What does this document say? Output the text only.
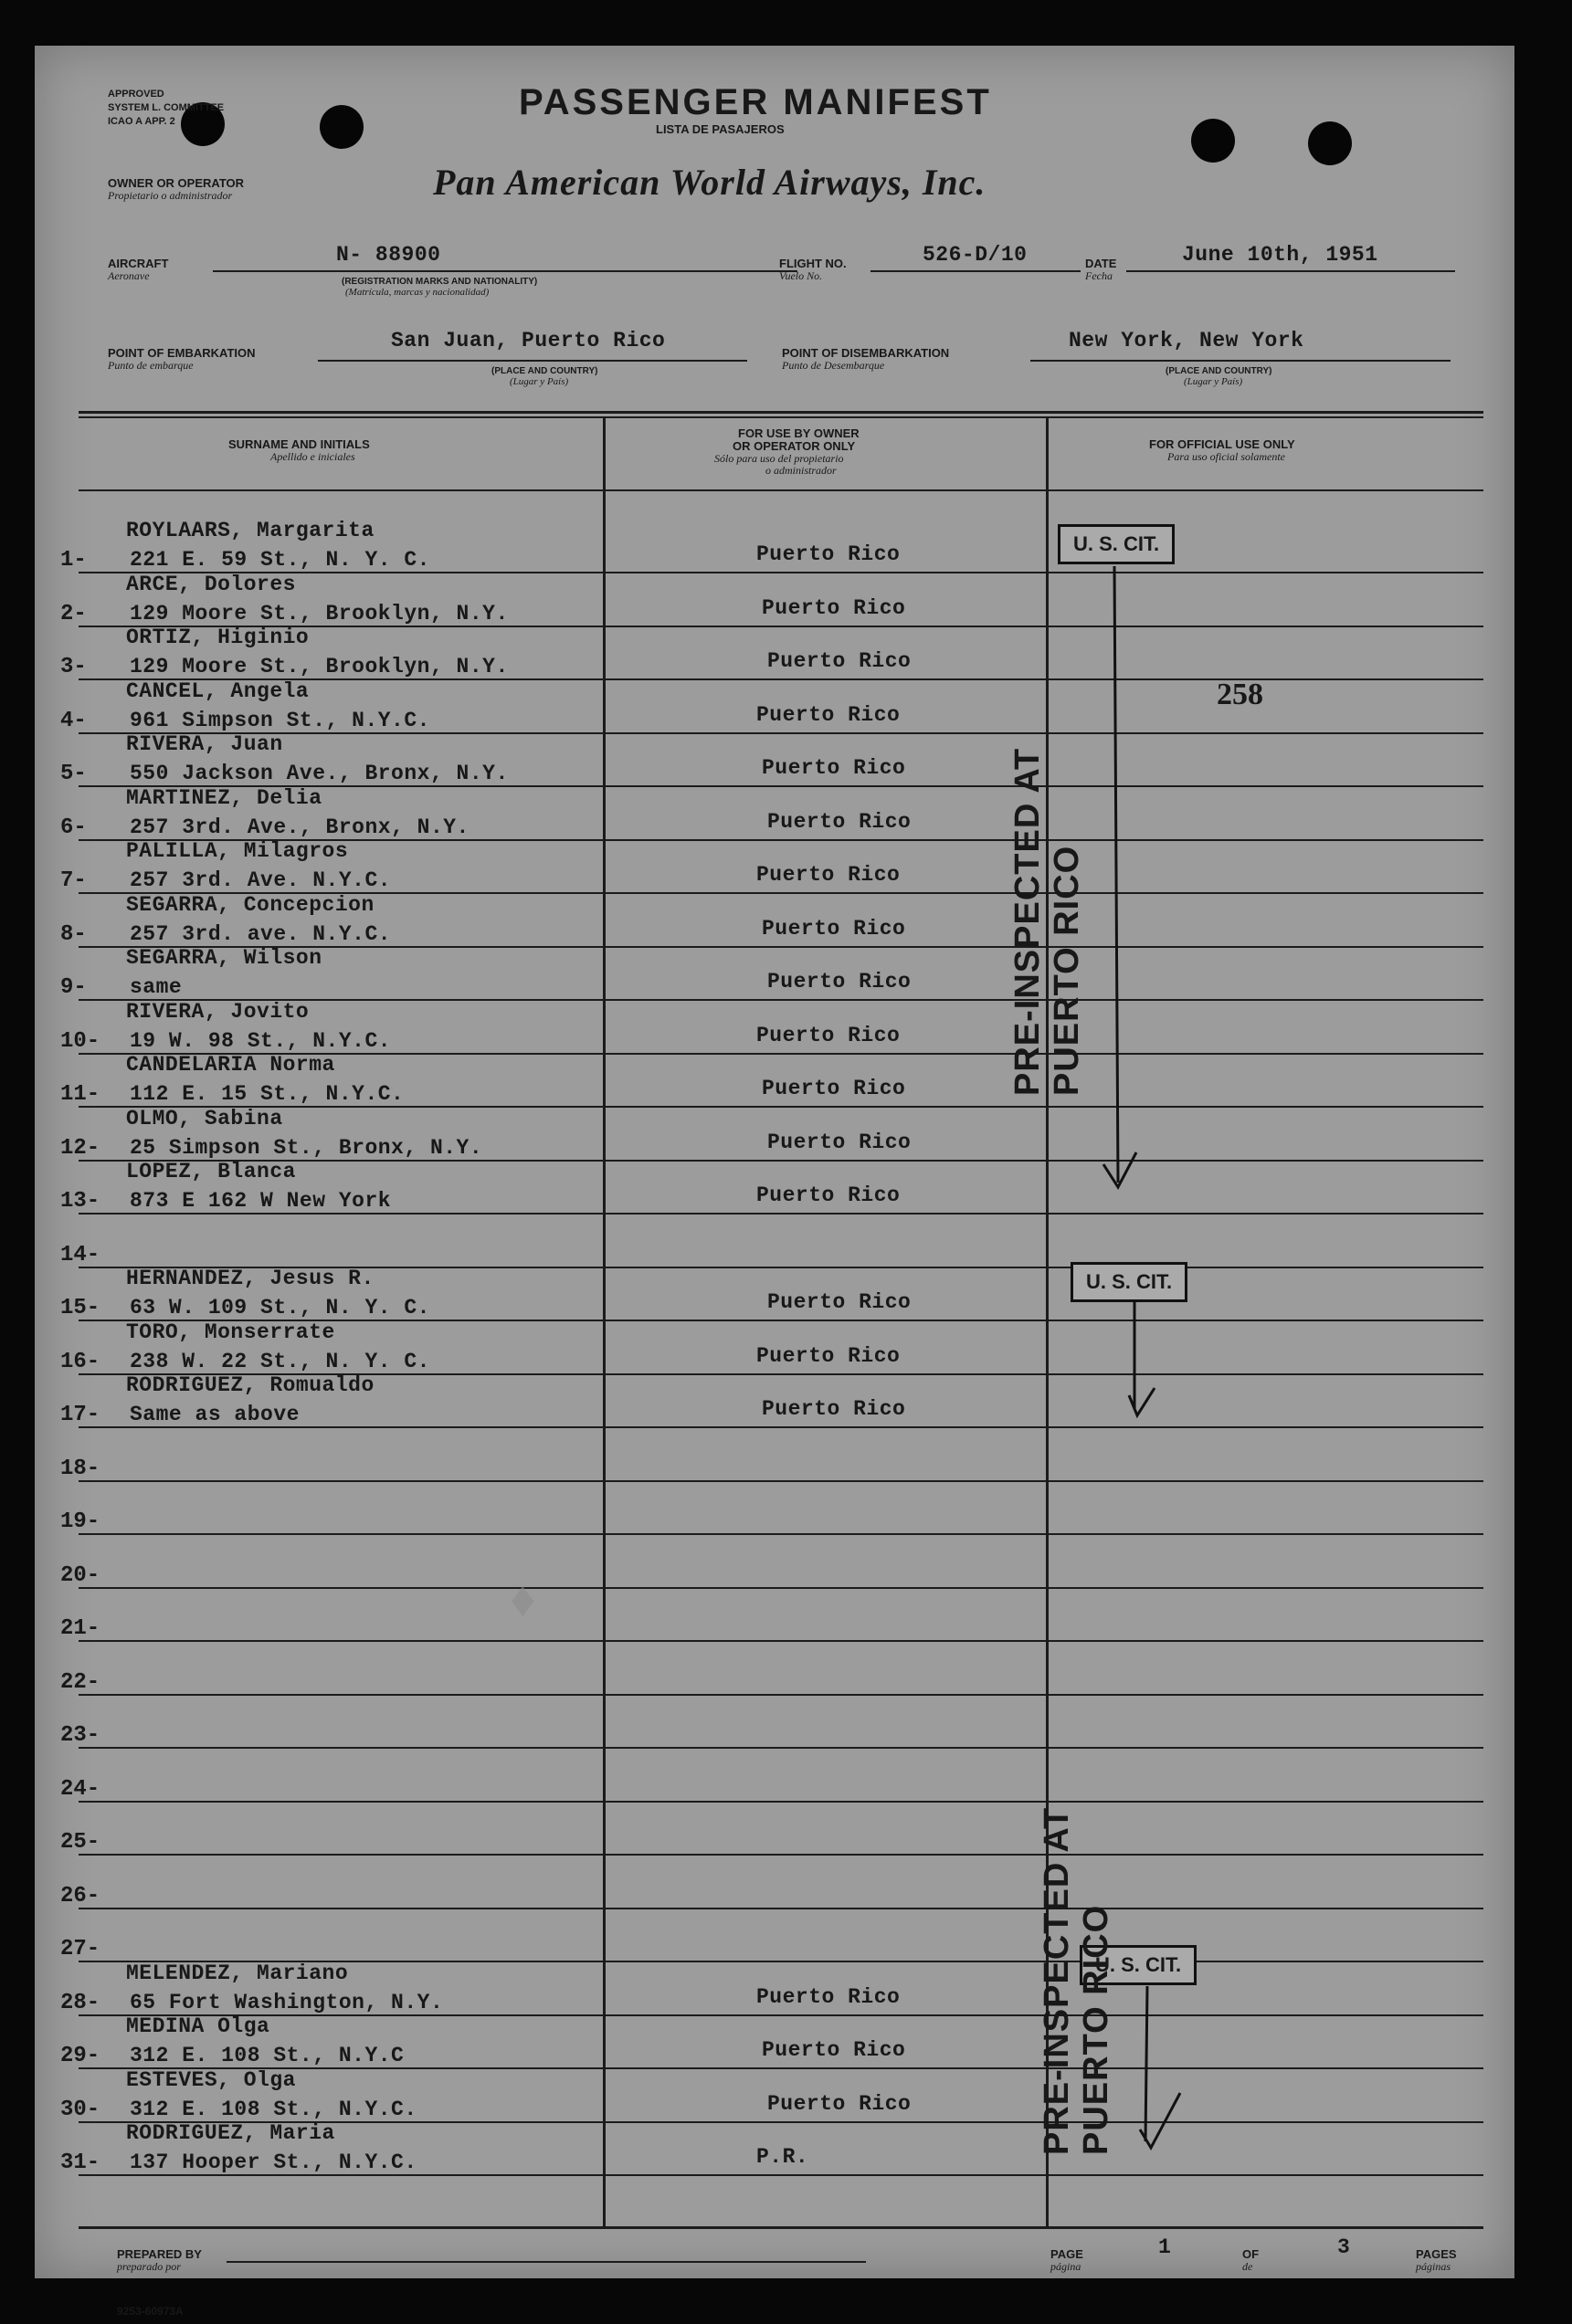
APPROVED
SYSTEM L. COMMITTEE
ICAO A APP. 2	PASSENGER MANIFEST
LISTA DE PASAJEROS
OWNER OR OPERATOR
Propietario o administrador	Pan American World Airways, Inc.
AIRCRAFT
Aeronave
N- 88900
(REGISTRATION MARKS AND NATIONALITY)
(Matrícula, marcas y nacionalidad)
FLIGHT NO.
Vuelo No.
526-D/10	DATE
Fecha
June 10th, 1951
POINT OF EMBARKATION
Punto de embarque
San Juan, Puerto Rico
(PLACE AND COUNTRY)
(Lugar y País)
POINT OF DISEMBARKATION
Punto de Desembarque
New York, New York
(PLACE AND COUNTRY)
(Lugar y País)
SURNAME AND INITIALS
Apellido e iniciales
FOR USE BY OWNER
OR OPERATOR ONLY
Sólo para uso del propietario
o administrador
FOR OFFICIAL USE ONLY
Para uso oficial solamente
1-
ROYLAARS, Margarita
221 E. 59 St., N. Y. C.	Puerto Rico
2-
ARCE, Dolores
129 Moore St., Brooklyn, N.Y.	Puerto Rico
3-
ORTIZ, Higinio
129 Moore St., Brooklyn, N.Y.	Puerto Rico
4-
CANCEL, Angela
961 Simpson St., N.Y.C.	Puerto Rico
5-
RIVERA, Juan
550 Jackson Ave., Bronx, N.Y.	Puerto Rico
6-
MARTINEZ, Delia
257 3rd. Ave., Bronx, N.Y.	Puerto Rico
7-
PALILLA, Milagros
257 3rd. Ave. N.Y.C.	Puerto Rico
8-
SEGARRA, Concepcion
257 3rd. ave. N.Y.C.	Puerto Rico
9-
SEGARRA, Wilson
same	Puerto Rico
10-
RIVERA, Jovito
19 W. 98 St., N.Y.C.	Puerto Rico
11-
CANDELARIA Norma
112 E. 15 St., N.Y.C.	Puerto Rico
12-
OLMO, Sabina
25 Simpson St., Bronx, N.Y.	Puerto Rico
13-
LOPEZ, Blanca
873 E 162 W New York	Puerto Rico
14-
15-
HERNANDEZ, Jesus R.
63 W. 109 St., N. Y. C.	Puerto Rico
16-
TORO, Monserrate
238 W. 22 St., N. Y. C.	Puerto Rico
17-
RODRIGUEZ, Romualdo
Same as above	Puerto Rico
18-
19-
20-
21-
22-
23-
24-
25-
26-
27-
28-
MELENDEZ, Mariano
65 Fort Washington, N.Y.	Puerto Rico
29-
MEDINA Olga
312 E. 108 St., N.Y.C	Puerto Rico
30-
ESTEVES, Olga
312 E. 108 St., N.Y.C.	Puerto Rico
31-
RODRIGUEZ, Maria
137 Hooper St., N.Y.C.	P.R.
♦
U. S. CIT.
U. S. CIT.
U. S. CIT.
258
PRE-INSPECTED AT PUERTO RICO
PRE-INSPECTED AT PUERTO RICO
PREPARED BY
preparado por
PAGE
página
1	OF
de
3	PAGES
páginas
9253-60973A
